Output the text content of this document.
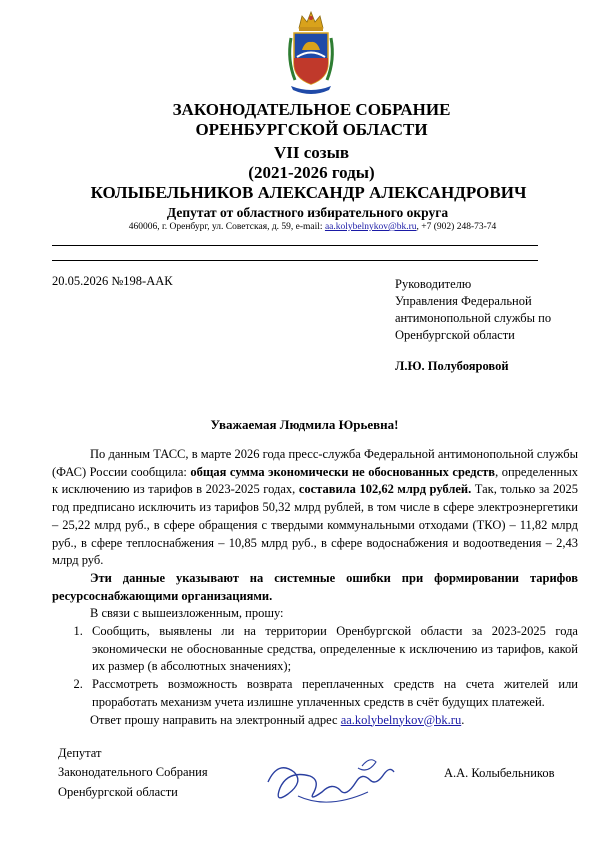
ЗАКОНОДАТЕЛЬНОЕ СОБРАНИЕ
ОРЕНБУРГСКОЙ ОБЛАСТИ
VII созыв
(2021-2026 годы)
КОЛЫБЕЛЬНИКОВ АЛЕКСАНДР АЛЕКСАНДРОВИЧ
Депутат от областного избирательного округа
460006, г. Оренбург, ул. Советская, д. 59, e-mail: aa.kolybelnykov@bk.ru, +7 (902) 248-73-74
20.05.2026 №198-ААК	Руководителю
Управления Федеральной
антимонопольной службы по
Оренбургской области
Л.Ю. Полубояровой
Уважаемая Людмила Юрьевна!

По данным ТАСС, в марте 2026 года пресс-служба Федеральной антимонопольной службы (ФАС) России сообщила: общая сумма экономически не обоснованных средств, определенных к исключению из тарифов в 2023-2025 годах, составила 102,62 млрд рублей. Так, только за 2025 год предписано исключить из тарифов 50,32 млрд рублей, в том числе в сфере электроэнергетики – 25,22 млрд руб., в сфере обращения с твердыми коммунальными отходами (ТКО) – 11,82 млрд руб., в сфере теплоснабжения – 10,85 млрд руб., в сфере водоснабжения и водоотведения – 2,43 млрд руб.

Эти данные указывают на системные ошибки при формировании тарифов ресурсоснабжающими организациями.

В связи с вышеизложенным, прошу:

1. Сообщить, выявлены ли на территории Оренбургской области за 2023-2025 года экономически не обоснованные средства, определенные к исключению из тарифов, какой их размер (в абсолютных значениях);
2. Рассмотреть возможность возврата переплаченных средств на счета жителей или проработать механизм учета излишне уплаченных средств в счёт будущих платежей.

Ответ прошу направить на электронный адрес aa.kolybelnykov@bk.ru.

Депутат
Законодательного Собрания
Оренбургской области
А.А. Колыбельников
